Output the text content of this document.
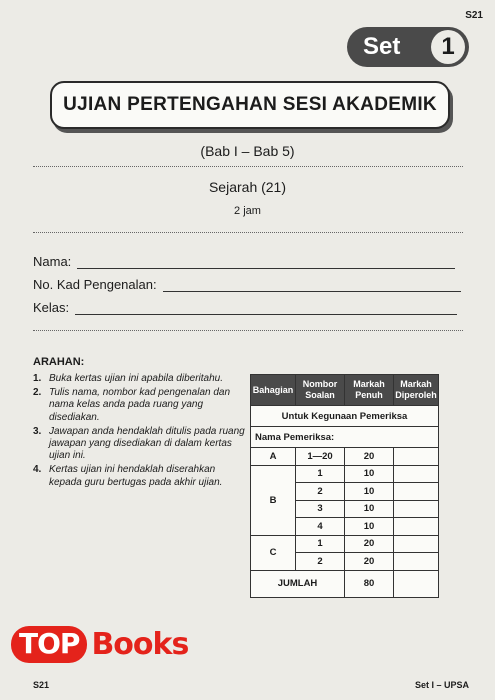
S21
Set	1
UJIAN PERTENGAHAN SESI AKADEMIK
(Bab I – Bab 5)
Sejarah (21)
2 jam
Nama:
No. Kad Pengenalan:
Kelas:
ARAHAN:
1. Buka kertas ujian ini apabila diberitahu.
2. Tulis nama, nombor kad pengenalan dan nama kelas anda pada ruang yang disediakan.
3. Jawapan anda hendaklah ditulis pada ruang jawapan yang disediakan di dalam kertas ujian ini.
4. Kertas ujian ini hendaklah diserahkan kepada guru bertugas pada akhir ujian.
Untuk Kegunaan Pemeriksa			
Nama Pemeriksa:			
Bahagian	Nombor Soalan	Markah Penuh	Markah Diperoleh
A	1—20	20	
B	1	10	
	2	10	
	3	10	
	4	10	
C	1	20	
	2	20	
JUMLAH		80	
TOP Books
S21	Set I – UPSA
